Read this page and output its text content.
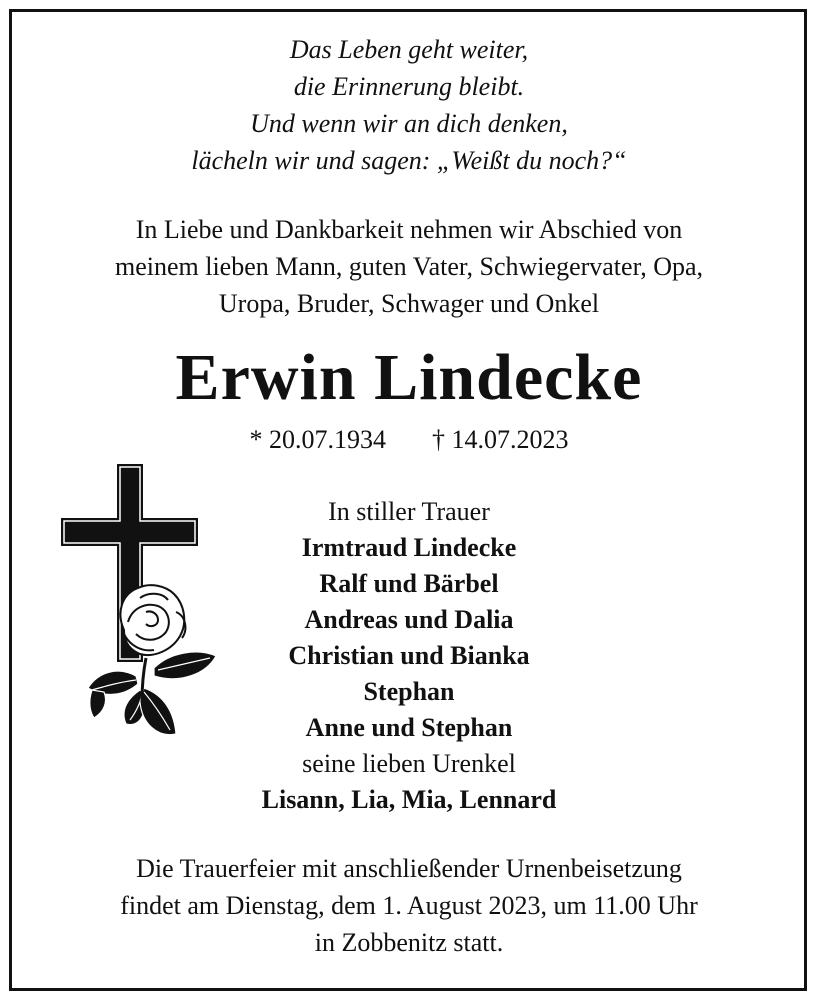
Das Leben geht weiter,
die Erinnerung bleibt.
Und wenn wir an dich denken,
lächeln wir und sagen: „Weißt du noch?“
In Liebe und Dankbarkeit nehmen wir Abschied von
meinem lieben Mann, guten Vater, Schwiegervater, Opa,
Uropa, Bruder, Schwager und Onkel
Erwin Lindecke
* 20.07.1934 † 14.07.2023
In stiller Trauer
Irmtraud Lindecke
Ralf und Bärbel
Andreas und Dalia
Christian und Bianka
Stephan
Anne und Stephan
seine lieben Urenkel
Lisann, Lia, Mia, Lennard
Die Trauerfeier mit anschließender Urnenbeisetzung
findet am Dienstag, dem 1. August 2023, um 11.00 Uhr
in Zobbenitz statt.
